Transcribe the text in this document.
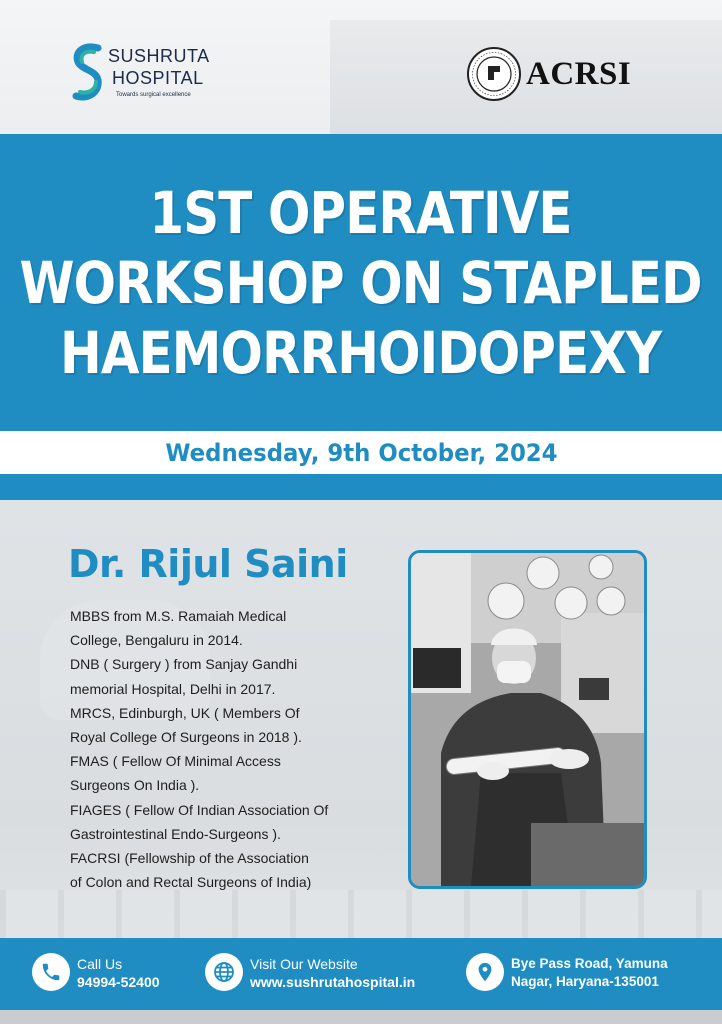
SUSHRUTA
HOSPITAL
Towards surgical excellence
ACRSI
1ST OPERATIVE
WORKSHOP ON STAPLED
HAEMORRHOIDOPEXY
Wednesday, 9th October, 2024
Dr. Rijul Saini
MBBS from M.S. Ramaiah Medical
College, Bengaluru in 2014.
DNB ( Surgery ) from Sanjay Gandhi
memorial Hospital, Delhi in 2017.
MRCS, Edinburgh, UK ( Members Of
Royal College Of Surgeons in 2018 ).
FMAS ( Fellow Of Minimal Access
Surgeons On India ).
FIAGES ( Fellow Of Indian Association Of
Gastrointestinal Endo-Surgeons ).
FACRSI (Fellowship of the Association
of Colon and Rectal Surgeons of India)
Call Us
94994-52400
Visit Our Website
www.sushrutahospital.in
Bye Pass Road, Yamuna
Nagar, Haryana-135001
